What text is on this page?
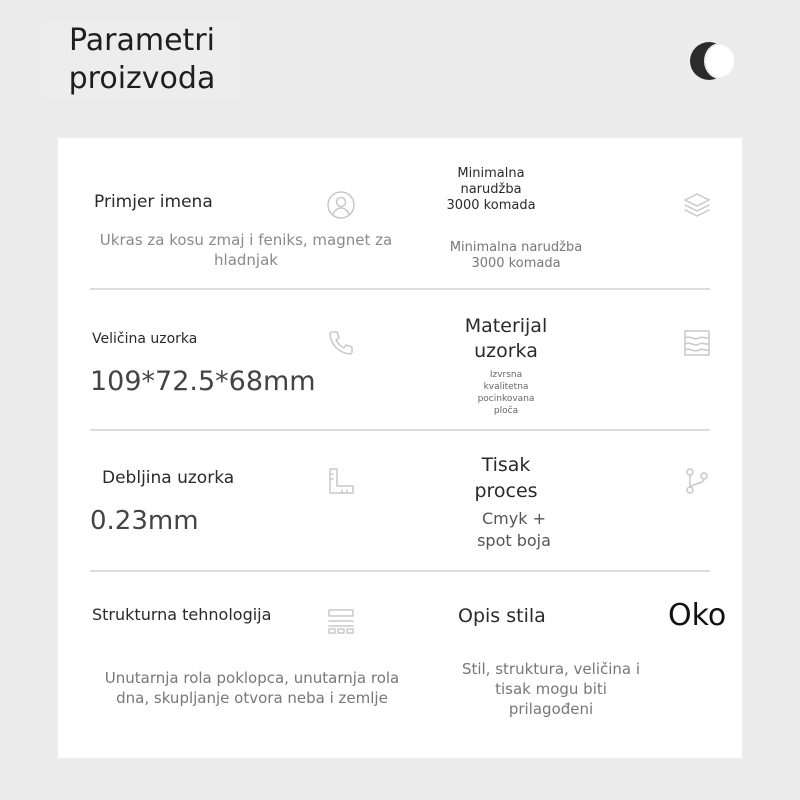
Parametri
proizvoda
Primjer imena
Ukras za kosu zmaj i feniks, magnet za hladnjak
Minimalna narudžba 3000 komada
Minimalna narudžba 3000 komada
Veličina uzorka
109*72.5*68mm
Materijal uzorka
Izvrsna kvalitetna pocinkovana ploča
Debljina uzorka
0.23mm
Tisak proces
Cmyk + spot boja
Strukturna tehnologija
Unutarnja rola poklopca, unutarnja rola dna, skupljanje otvora neba i zemlje
Opis stila
Stil, struktura, veličina i tisak mogu biti prilagođeni
Oko
